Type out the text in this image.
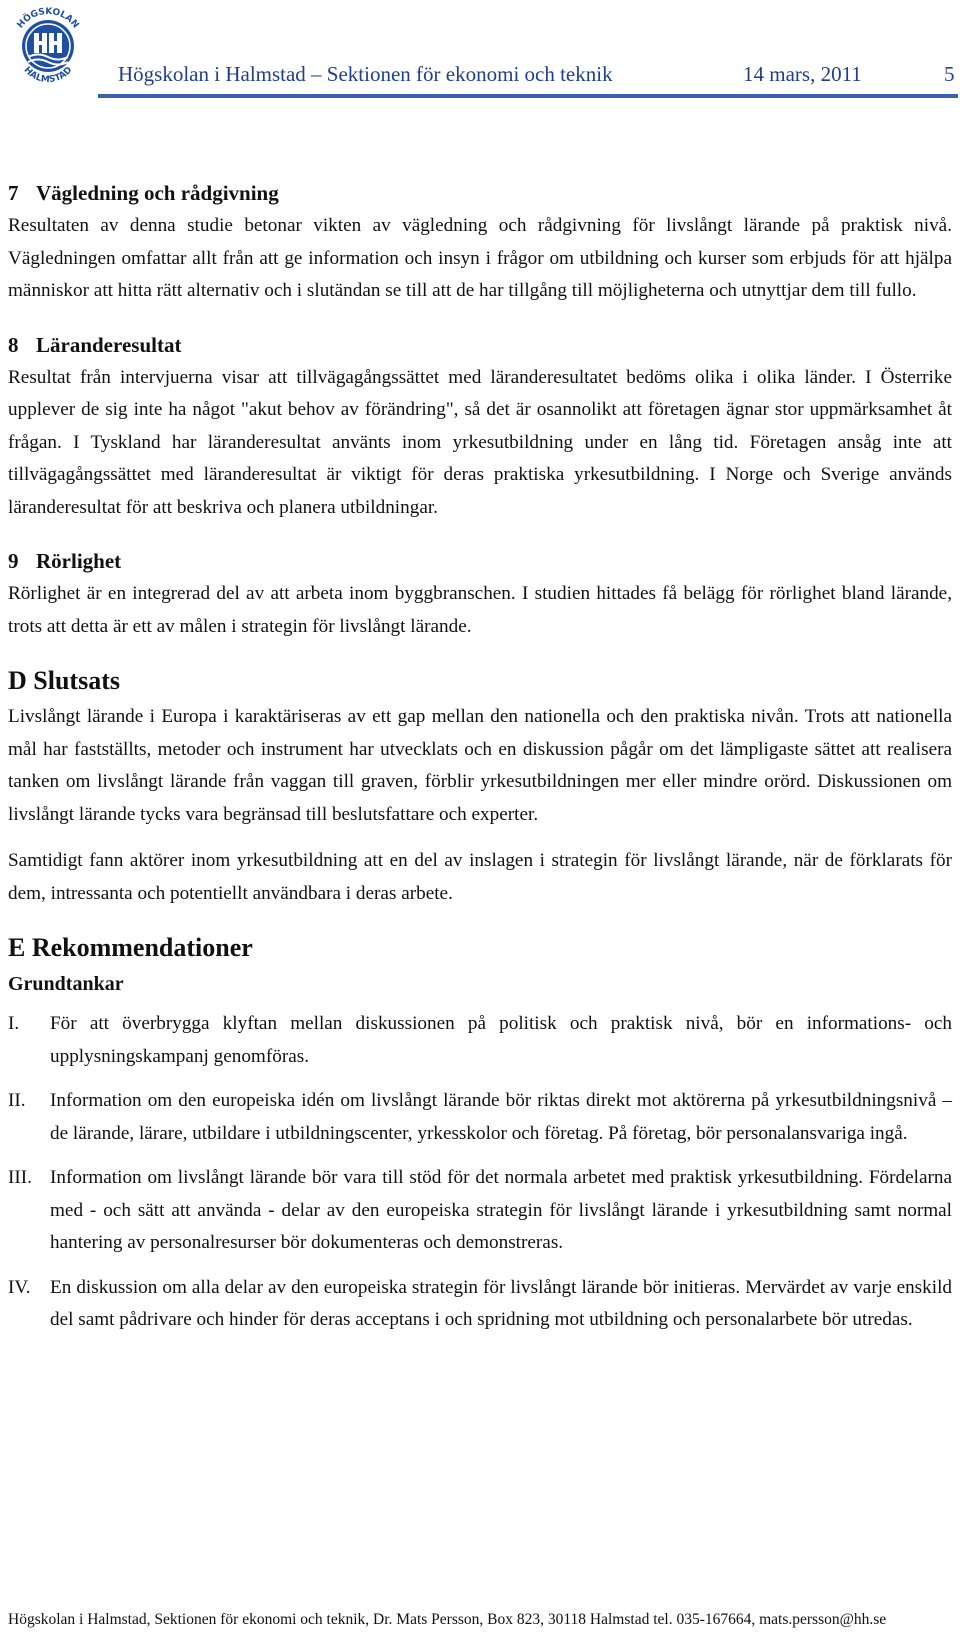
HÖGSKOLAN
HALMSTAD Högskolan i Halmstad – Sektionen för ekonomi och teknik	14 mars, 2011	5
7 Vägledning och rådgivning

Resultaten av denna studie betonar vikten av vägledning och rådgivning för livslångt lärande på praktisk nivå. Vägledningen omfattar allt från att ge information och insyn i frågor om utbildning och kurser som erbjuds för att hjälpa människor att hitta rätt alternativ och i slutändan se till att de har tillgång till möjligheterna och utnyttjar dem till fullo.

8 Läranderesultat

Resultat från intervjuerna visar att tillvägagångssättet med läranderesultatet bedöms olika i olika länder. I Österrike upplever de sig inte ha något "akut behov av förändring", så det är osannolikt att företagen ägnar stor uppmärksamhet åt frågan. I Tyskland har läranderesultat använts inom yrkesutbildning under en lång tid. Företagen ansåg inte att tillvägagångssättet med läranderesultat är viktigt för deras praktiska yrkesutbildning. I Norge och Sverige används läranderesultat för att beskriva och planera utbildningar.

9 Rörlighet

Rörlighet är en integrerad del av att arbeta inom byggbranschen. I studien hittades få belägg för rörlighet bland lärande, trots att detta är ett av målen i strategin för livslångt lärande.

D Slutsats

Livslångt lärande i Europa i karaktäriseras av ett gap mellan den nationella och den praktiska nivån. Trots att nationella mål har fastställts, metoder och instrument har utvecklats och en diskussion pågår om det lämpligaste sättet att realisera tanken om livslångt lärande från vaggan till graven, förblir yrkesutbildningen mer eller mindre orörd. Diskussionen om livslångt lärande tycks vara begränsad till beslutsfattare och experter.

Samtidigt fann aktörer inom yrkesutbildning att en del av inslagen i strategin för livslångt lärande, när de förklarats för dem, intressanta och potentiellt användbara i deras arbete.

E Rekommendationer
Grundtankar
I.	För att överbrygga klyftan mellan diskussionen på politisk och praktisk nivå, bör en informations- och upplysningskampanj genomföras.
II.	Information om den europeiska idén om livslångt lärande bör riktas direkt mot aktörerna på yrkesutbildningsnivå – de lärande, lärare, utbildare i utbildningscenter, yrkesskolor och företag. På företag, bör personalansvariga ingå.
III. Information om livslångt lärande bör vara till stöd för det normala arbetet med praktisk yrkesutbildning. Fördelarna med - och sätt att använda - delar av den europeiska strategin för livslångt lärande i yrkesutbildning samt normal hantering av personalresurser bör dokumenteras och demonstreras.
IV.	En diskussion om alla delar av den europeiska strategin för livslångt lärande bör initieras. Mervärdet av varje enskild del samt pådrivare och hinder för deras acceptans i och spridning mot utbildning och personalarbete bör utredas.
Högskolan i Halmstad, Sektionen för ekonomi och teknik, Dr. Mats Persson, Box 823, 30118 Halmstad tel. 035-167664, mats.persson@hh.se
